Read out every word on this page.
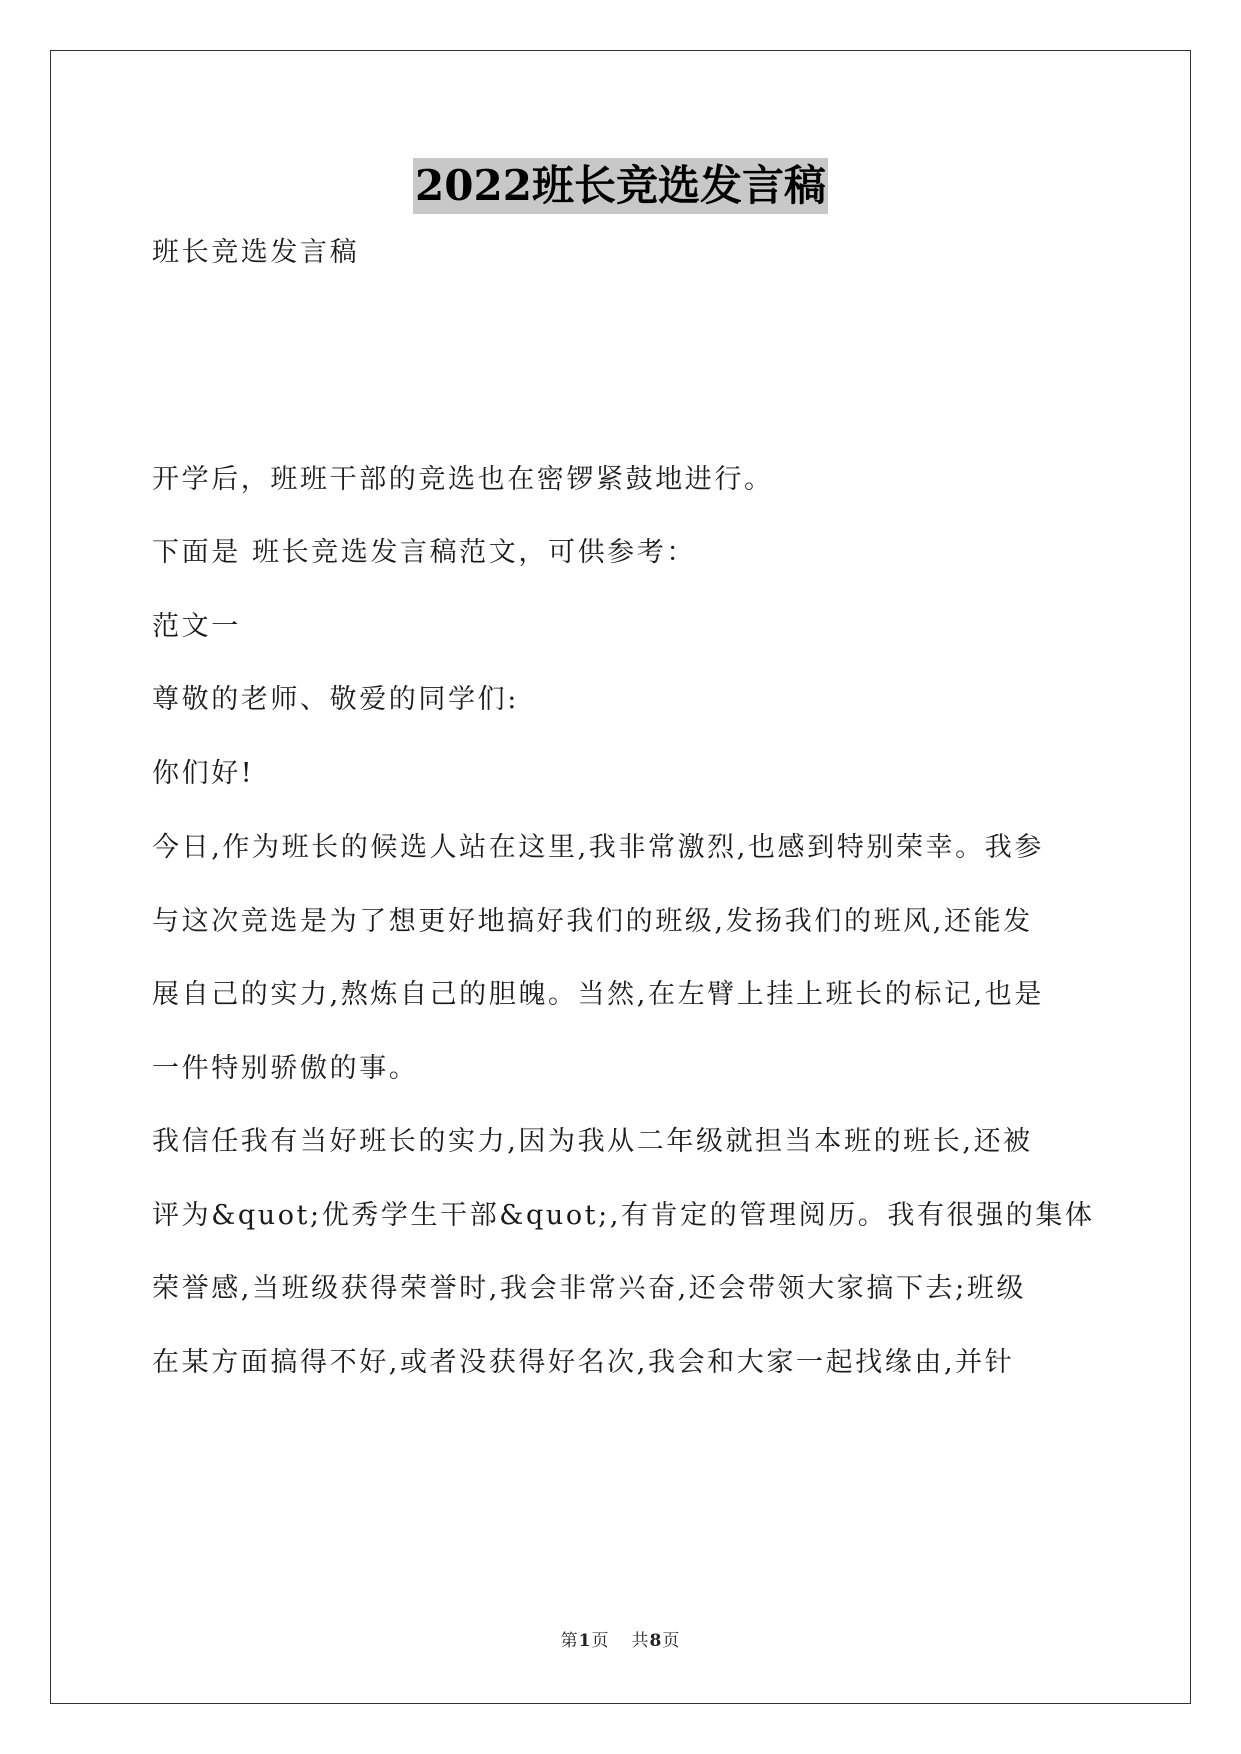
2022班长竞选发言稿

班长竞选发言稿

开学后，班班干部的竞选也在密锣紧鼓地进行。

下面是 班长竞选发言稿范文，可供参考：

范文一

尊敬的老师、敬爱的同学们:

你们好!

今日,作为班长的候选人站在这里,我非常激烈,也感到特别荣幸。我参
与这次竞选是为了想更好地搞好我们的班级,发扬我们的班风,还能发
展自己的实力,熬炼自己的胆魄。当然,在左臂上挂上班长的标记,也是
一件特别骄傲的事。
我信任我有当好班长的实力,因为我从二年级就担当本班的班长,还被
评为&quot;优秀学生干部&quot;,有肯定的管理阅历。我有很强的集体
荣誉感,当班级获得荣誉时,我会非常兴奋,还会带领大家搞下去;班级
在某方面搞得不好,或者没获得好名次,我会和大家一起找缘由,并针
第1页 共8页
